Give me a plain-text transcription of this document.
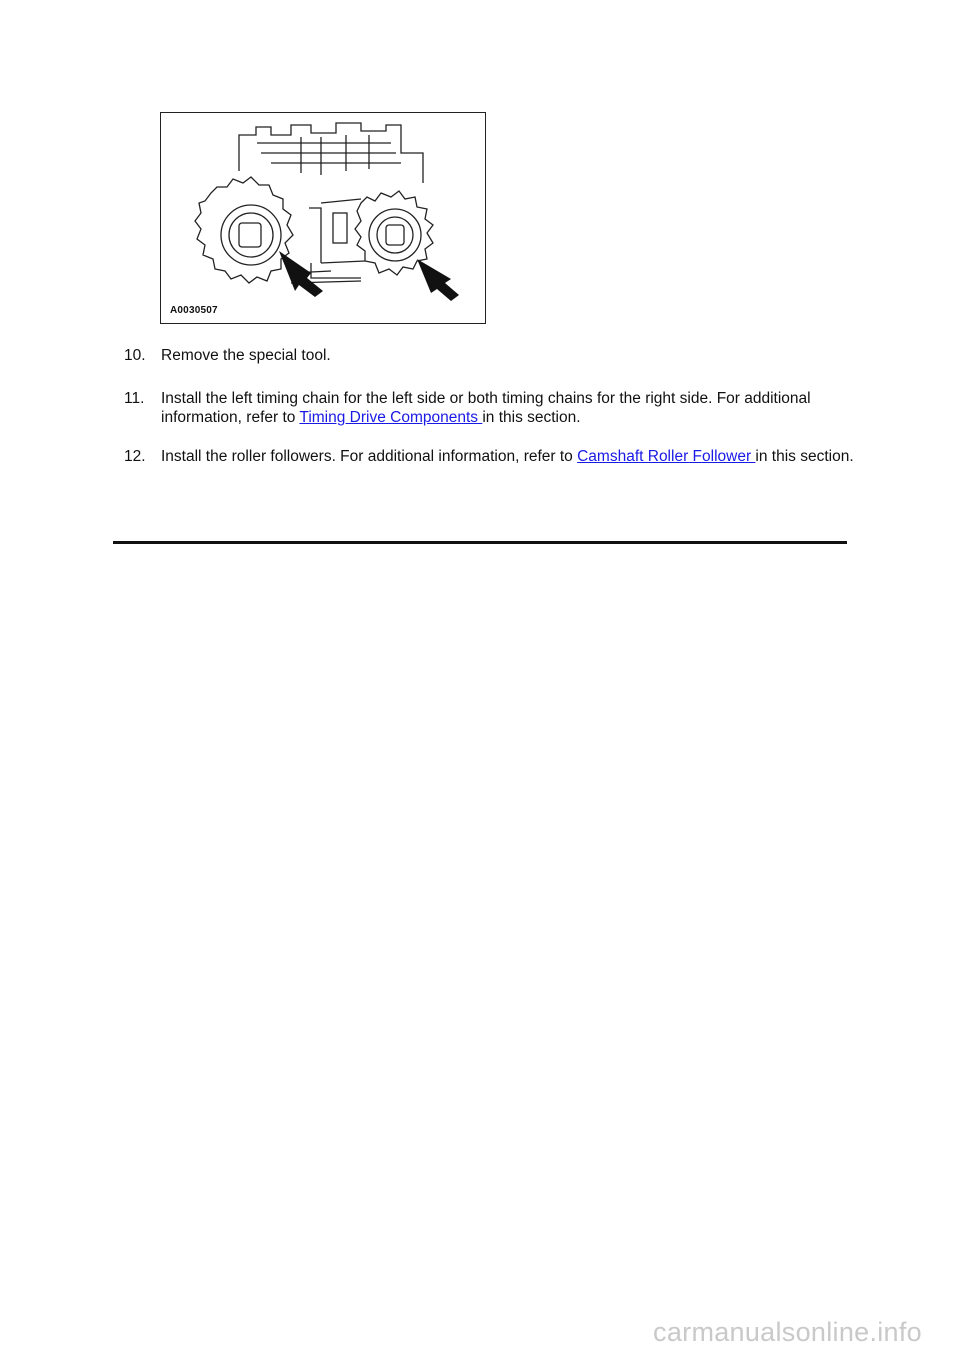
A0030507
10. Remove the special tool.
11.	Install the left timing chain for the left side or both timing chains for the right side. For additional information, refer to Timing Drive Components in this section.
12. Install the roller followers. For additional information, refer to Camshaft Roller Follower in this section.
carmanualsonline.info
